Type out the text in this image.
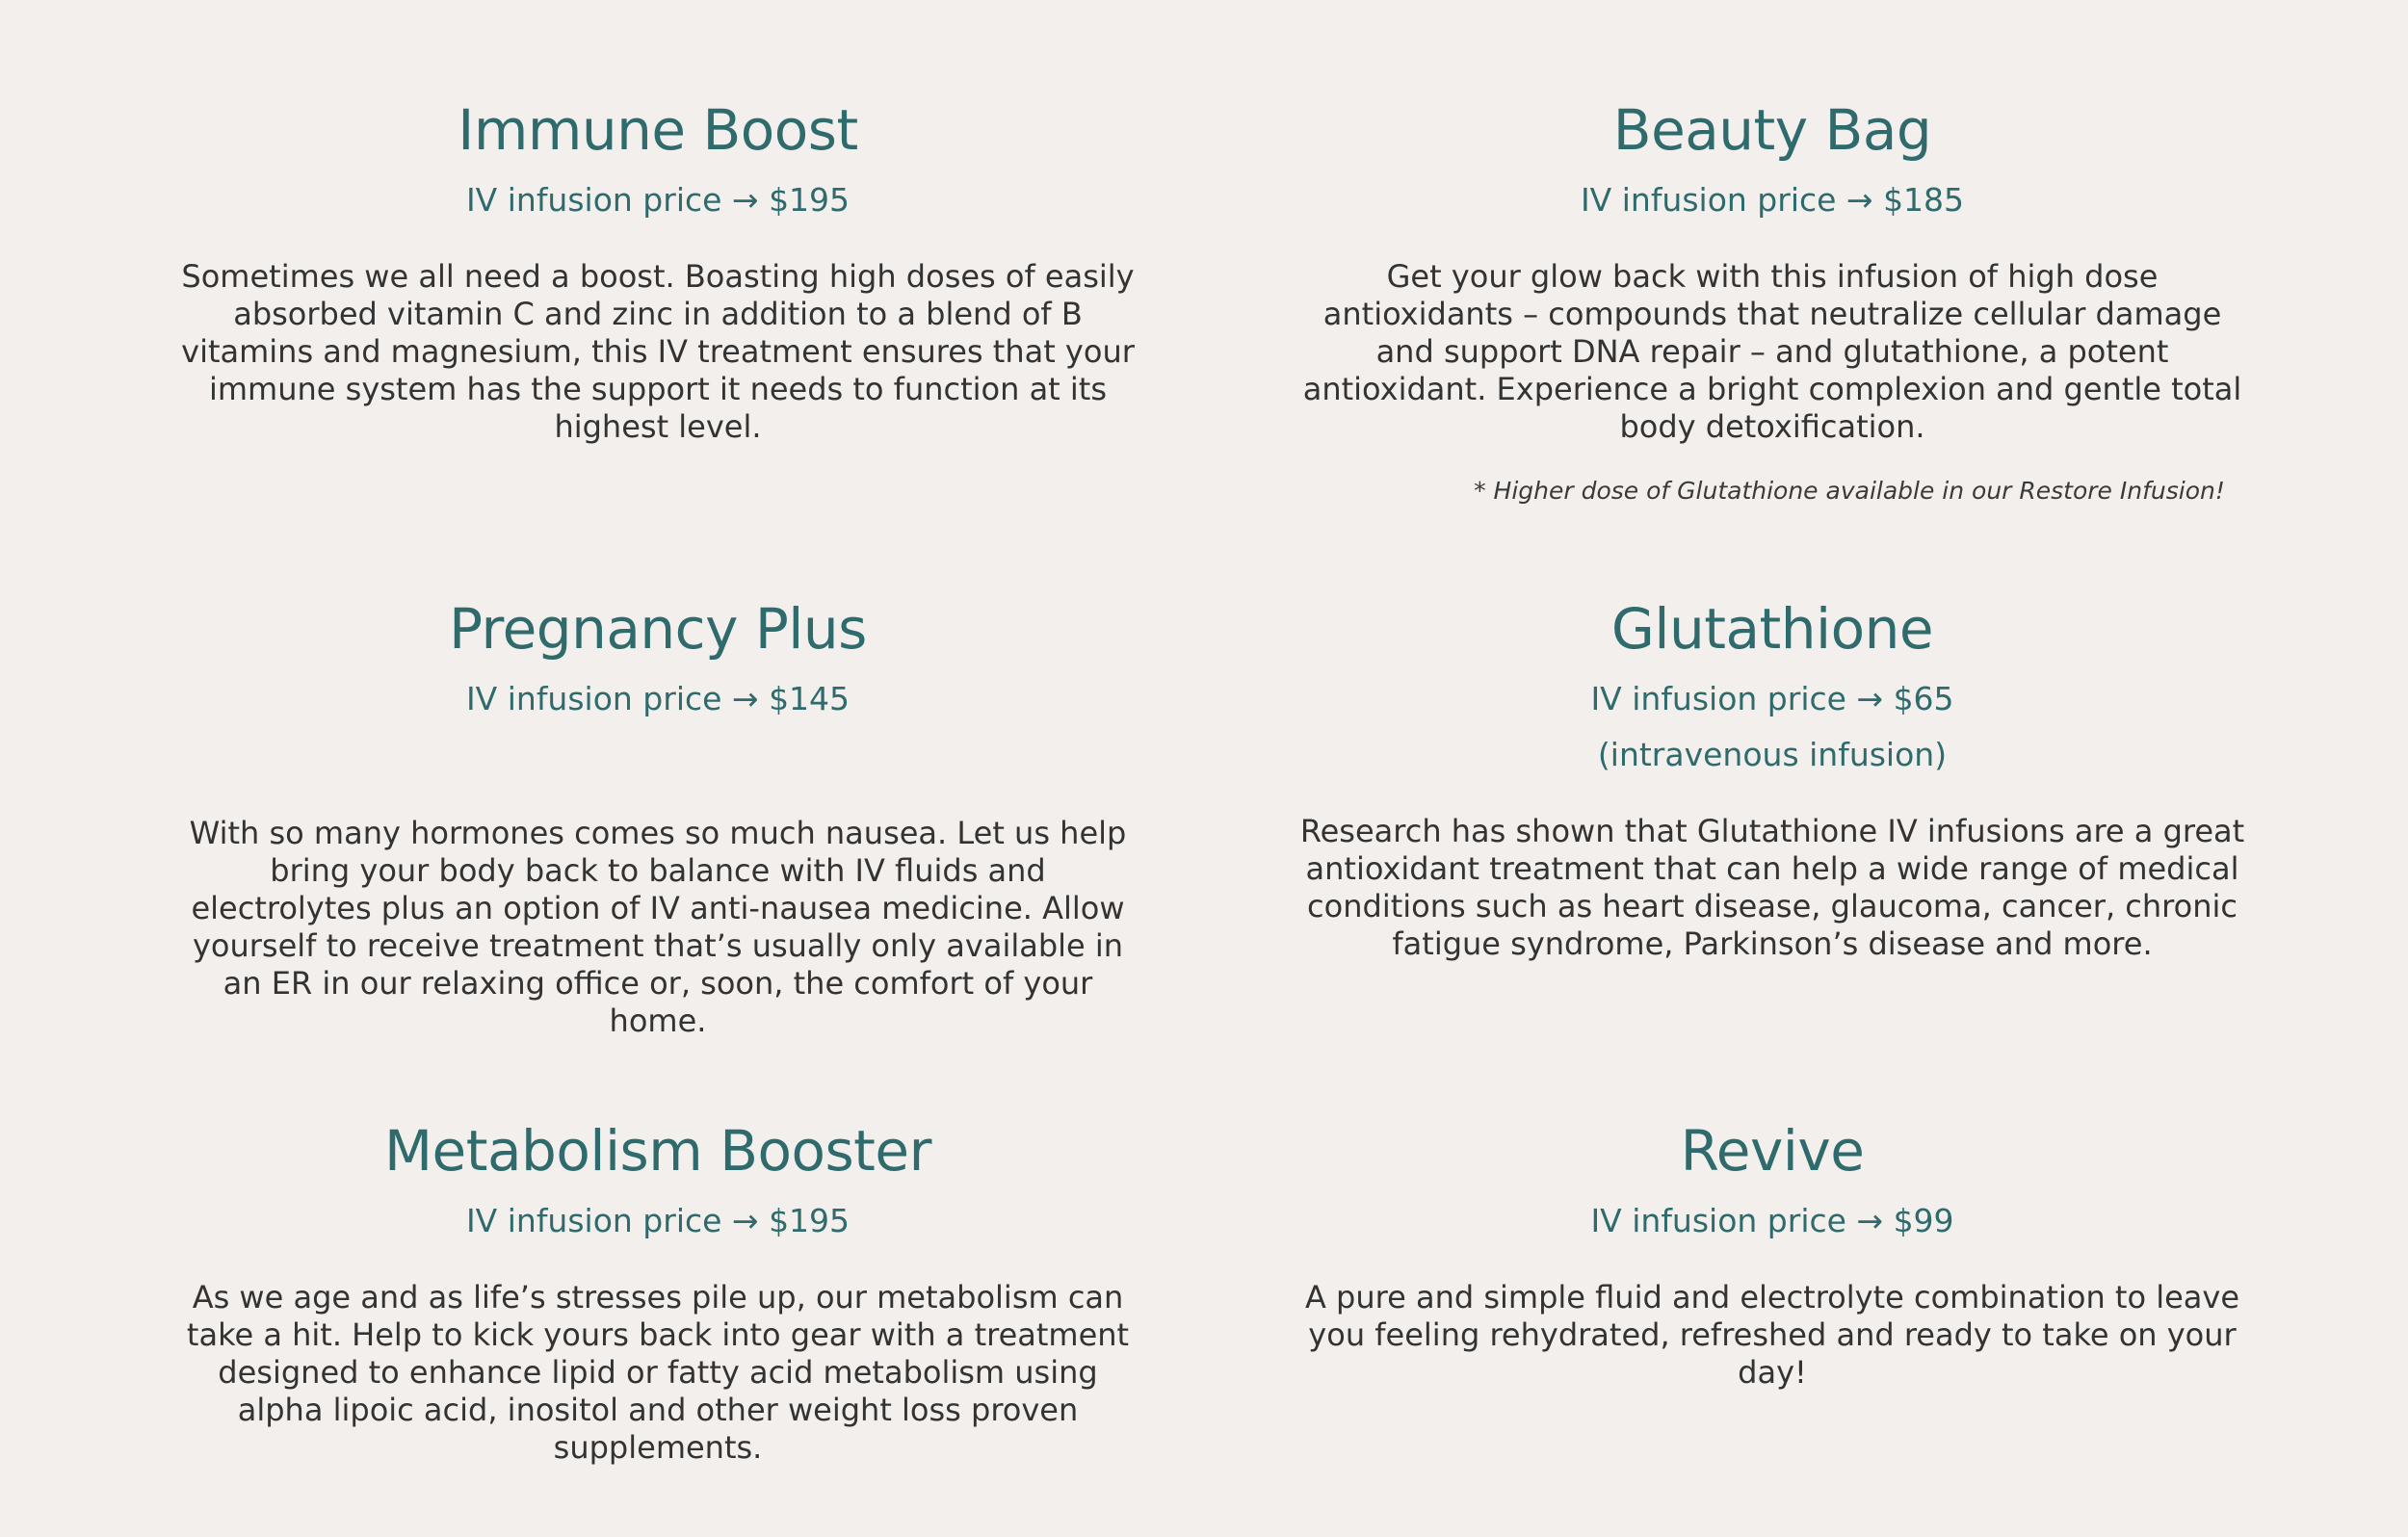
Immune Boost

IV infusion price → $195

Sometimes we all need a boost. Boasting high doses of easily absorbed vitamin C and zinc in addition to a blend of B vitamins and magnesium, this IV treatment ensures that your immune system has the support it needs to function at its highest level.

Beauty Bag

IV infusion price → $185

Get your glow back with this infusion of high dose antioxidants – compounds that neutralize cellular damage and support DNA repair – and glutathione, a potent antioxidant. Experience a bright complexion and gentle total body detoxification.

* Higher dose of Glutathione available in our Restore Infusion!

Pregnancy Plus

IV infusion price → $145

With so many hormones comes so much nausea. Let us help bring your body back to balance with IV fluids and electrolytes plus an option of IV anti-nausea medicine. Allow yourself to receive treatment that’s usually only available in an ER in our relaxing office or, soon, the comfort of your home.

Glutathione

IV infusion price → $65

(intravenous infusion)

Research has shown that Glutathione IV infusions are a great antioxidant treatment that can help a wide range of medical conditions such as heart disease, glaucoma, cancer, chronic fatigue syndrome, Parkinson’s disease and more.

Metabolism Booster

IV infusion price → $195

As we age and as life’s stresses pile up, our metabolism can take a hit. Help to kick yours back into gear with a treatment designed to enhance lipid or fatty acid metabolism using alpha lipoic acid, inositol and other weight loss proven supplements.

Revive

IV infusion price → $99

A pure and simple fluid and electrolyte combination to leave you feeling rehydrated, refreshed and ready to take on your day!
